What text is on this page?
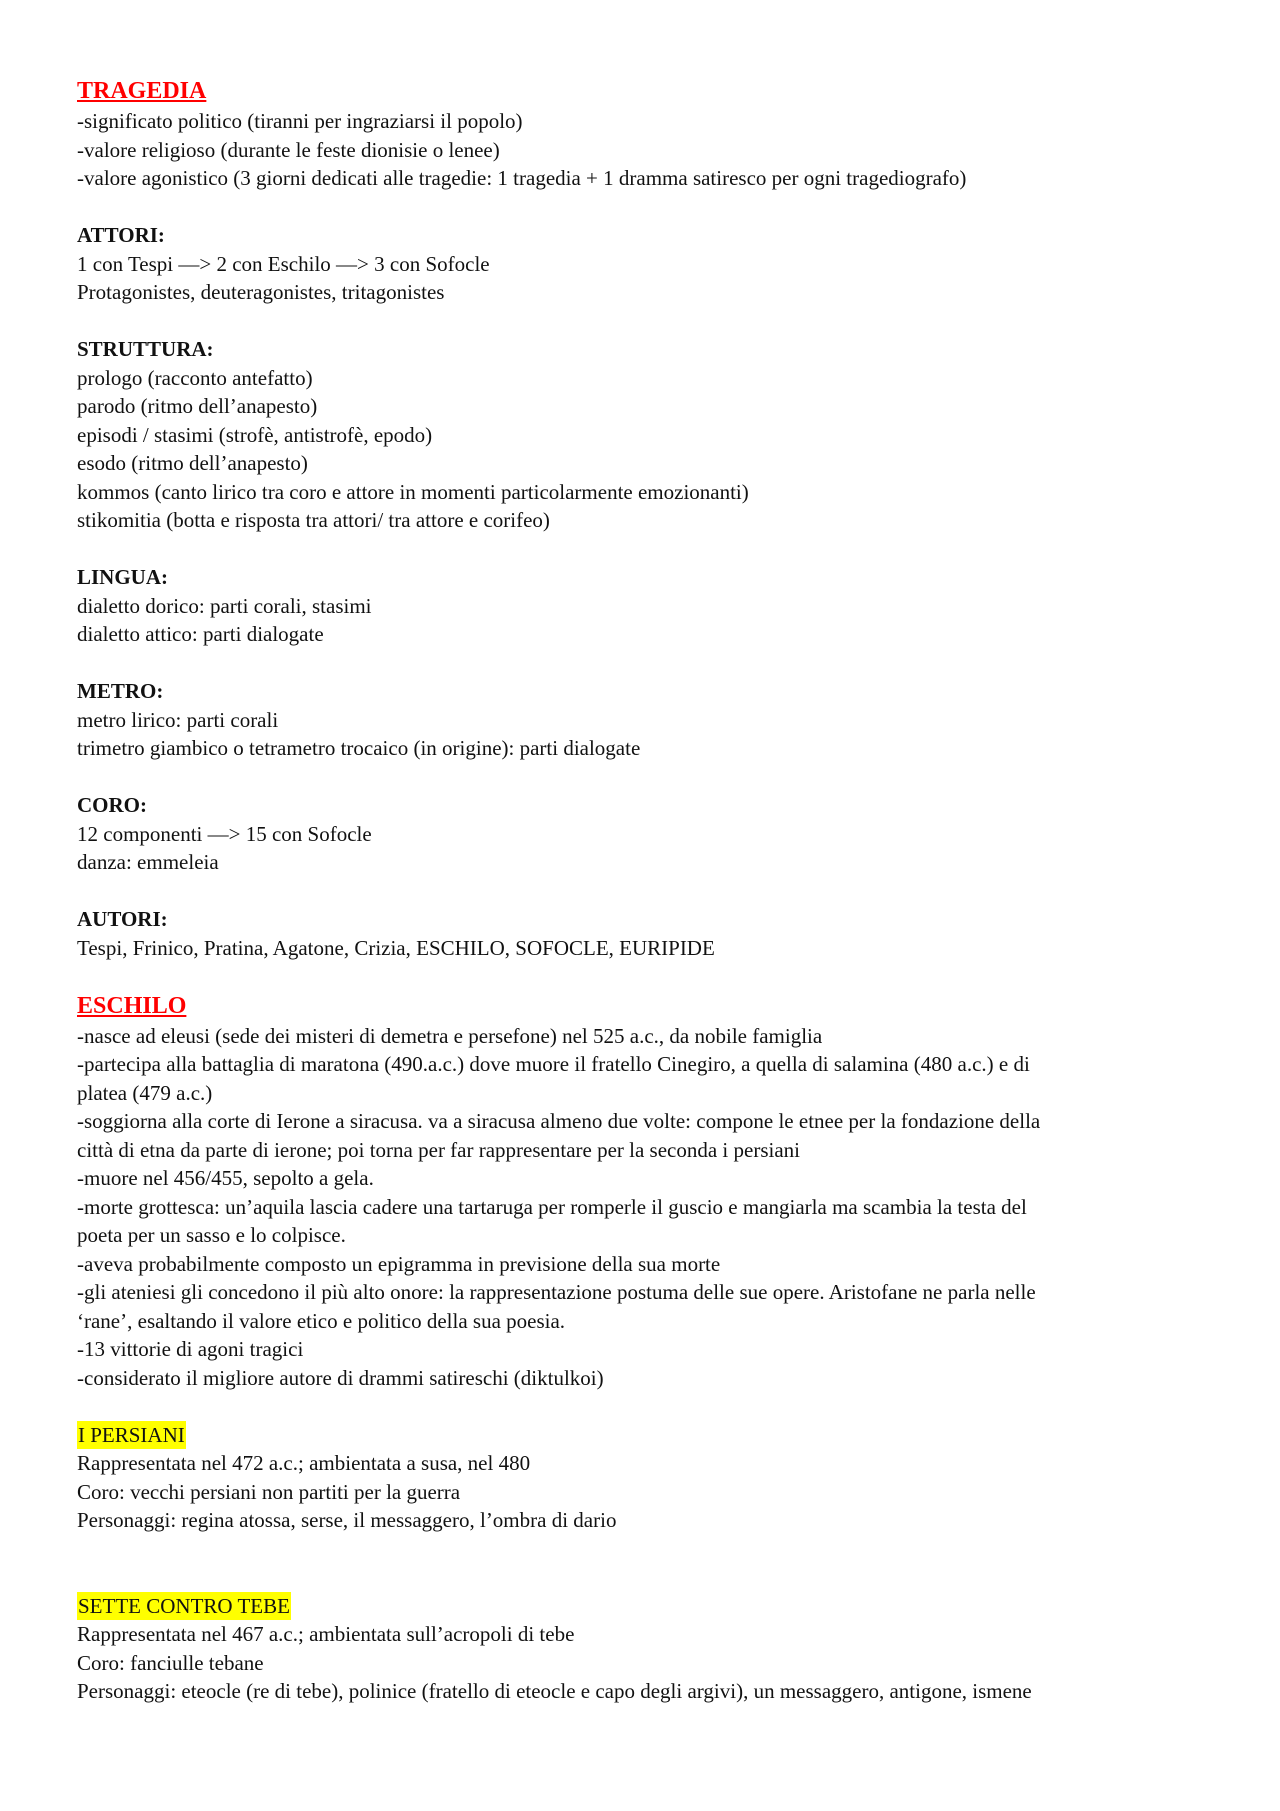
TRAGEDIA
-significato politico (tiranni per ingraziarsi il popolo)
-valore religioso (durante le feste dionisie o lenee)
-valore agonistico (3 giorni dedicati alle tragedie: 1 tragedia + 1 dramma satiresco per ogni tragediografo)
ATTORI:
1 con Tespi —> 2 con Eschilo —> 3 con Sofocle
Protagonistes, deuteragonistes, tritagonistes
STRUTTURA:
prologo (racconto antefatto)
parodo (ritmo dell’anapesto)
episodi / stasimi (strofè, antistrofè, epodo)
esodo (ritmo dell’anapesto)
kommos (canto lirico tra coro e attore in momenti particolarmente emozionanti)
stikomitia (botta e risposta tra attori/ tra attore e corifeo)
LINGUA:
dialetto dorico: parti corali, stasimi
dialetto attico: parti dialogate
METRO:
metro lirico: parti corali
trimetro giambico o tetrametro trocaico (in origine): parti dialogate
CORO:
12 componenti —> 15 con Sofocle
danza: emmeleia
AUTORI:
Tespi, Frinico, Pratina, Agatone, Crizia, ESCHILO, SOFOCLE, EURIPIDE
ESCHILO
-nasce ad eleusi (sede dei misteri di demetra e persefone) nel 525 a.c., da nobile famiglia
-partecipa alla battaglia di maratona (490.a.c.) dove muore il fratello Cinegiro, a quella di salamina (480 a.c.) e di
platea (479 a.c.)
-soggiorna alla corte di Ierone a siracusa. va a siracusa almeno due volte: compone le etnee per la fondazione della
città di etna da parte di ierone; poi torna per far rappresentare per la seconda i persiani
-muore nel 456/455, sepolto a gela.
-morte grottesca: un’aquila lascia cadere una tartaruga per romperle il guscio e mangiarla ma scambia la testa del
poeta per un sasso e lo colpisce.
-aveva probabilmente composto un epigramma in previsione della sua morte
-gli ateniesi gli concedono il più alto onore: la rappresentazione postuma delle sue opere. Aristofane ne parla nelle
‘rane’, esaltando il valore etico e politico della sua poesia.
-13 vittorie di agoni tragici
-considerato il migliore autore di drammi satireschi (diktulkoi)
I PERSIANI
Rappresentata nel 472 a.c.; ambientata a susa, nel 480
Coro: vecchi persiani non partiti per la guerra
Personaggi: regina atossa, serse, il messaggero, l’ombra di dario
SETTE CONTRO TEBE
Rappresentata nel 467 a.c.; ambientata sull’acropoli di tebe
Coro: fanciulle tebane
Personaggi: eteocle (re di tebe), polinice (fratello di eteocle e capo degli argivi), un messaggero, antigone, ismene
